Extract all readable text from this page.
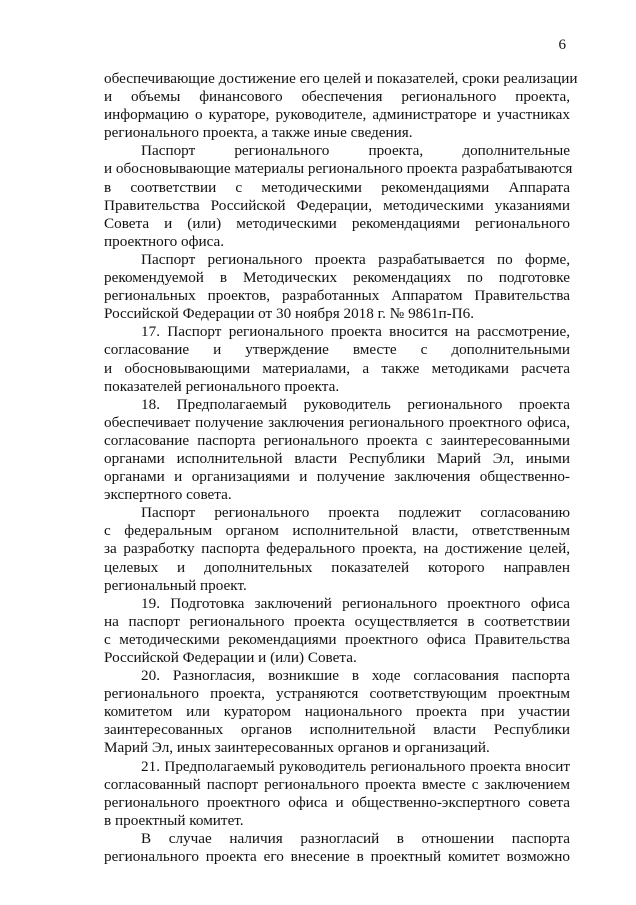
6
обеспечивающие достижение его целей и показателей, сроки реализации
и объемы финансового обеспечения регионального проекта,
информацию о кураторе, руководителе, администраторе и участниках
регионального проекта, а также иные сведения.
Паспорт регионального проекта, дополнительные
и обосновывающие материалы регионального проекта разрабатываются
в соответствии с методическими рекомендациями Аппарата
Правительства Российской Федерации, методическими указаниями
Совета и (или) методическими рекомендациями регионального
проектного офиса.
Паспорт регионального проекта разрабатывается по форме,
рекомендуемой в Методических рекомендациях по подготовке
региональных проектов, разработанных Аппаратом Правительства
Российской Федерации от 30 ноября 2018 г. № 9861п-П6.
17. Паспорт регионального проекта вносится на рассмотрение,
согласование и утверждение вместе с дополнительными
и обосновывающими материалами, а также методиками расчета
показателей регионального проекта.
18. Предполагаемый руководитель регионального проекта
обеспечивает получение заключения регионального проектного офиса,
согласование паспорта регионального проекта с заинтересованными
органами исполнительной власти Республики Марий Эл, иными
органами и организациями и получение заключения общественно-
экспертного совета.
Паспорт регионального проекта подлежит согласованию
с федеральным органом исполнительной власти, ответственным
за разработку паспорта федерального проекта, на достижение целей,
целевых и дополнительных показателей которого направлен
региональный проект.
19. Подготовка заключений регионального проектного офиса
на паспорт регионального проекта осуществляется в соответствии
с методическими рекомендациями проектного офиса Правительства
Российской Федерации и (или) Совета.
20. Разногласия, возникшие в ходе согласования паспорта
регионального проекта, устраняются соответствующим проектным
комитетом или куратором национального проекта при участии
заинтересованных органов исполнительной власти Республики
Марий Эл, иных заинтересованных органов и организаций.
21. Предполагаемый руководитель регионального проекта вносит
согласованный паспорт регионального проекта вместе с заключением
регионального проектного офиса и общественно-экспертного совета
в проектный комитет.
В случае наличия разногласий в отношении паспорта
регионального проекта его внесение в проектный комитет возможно
